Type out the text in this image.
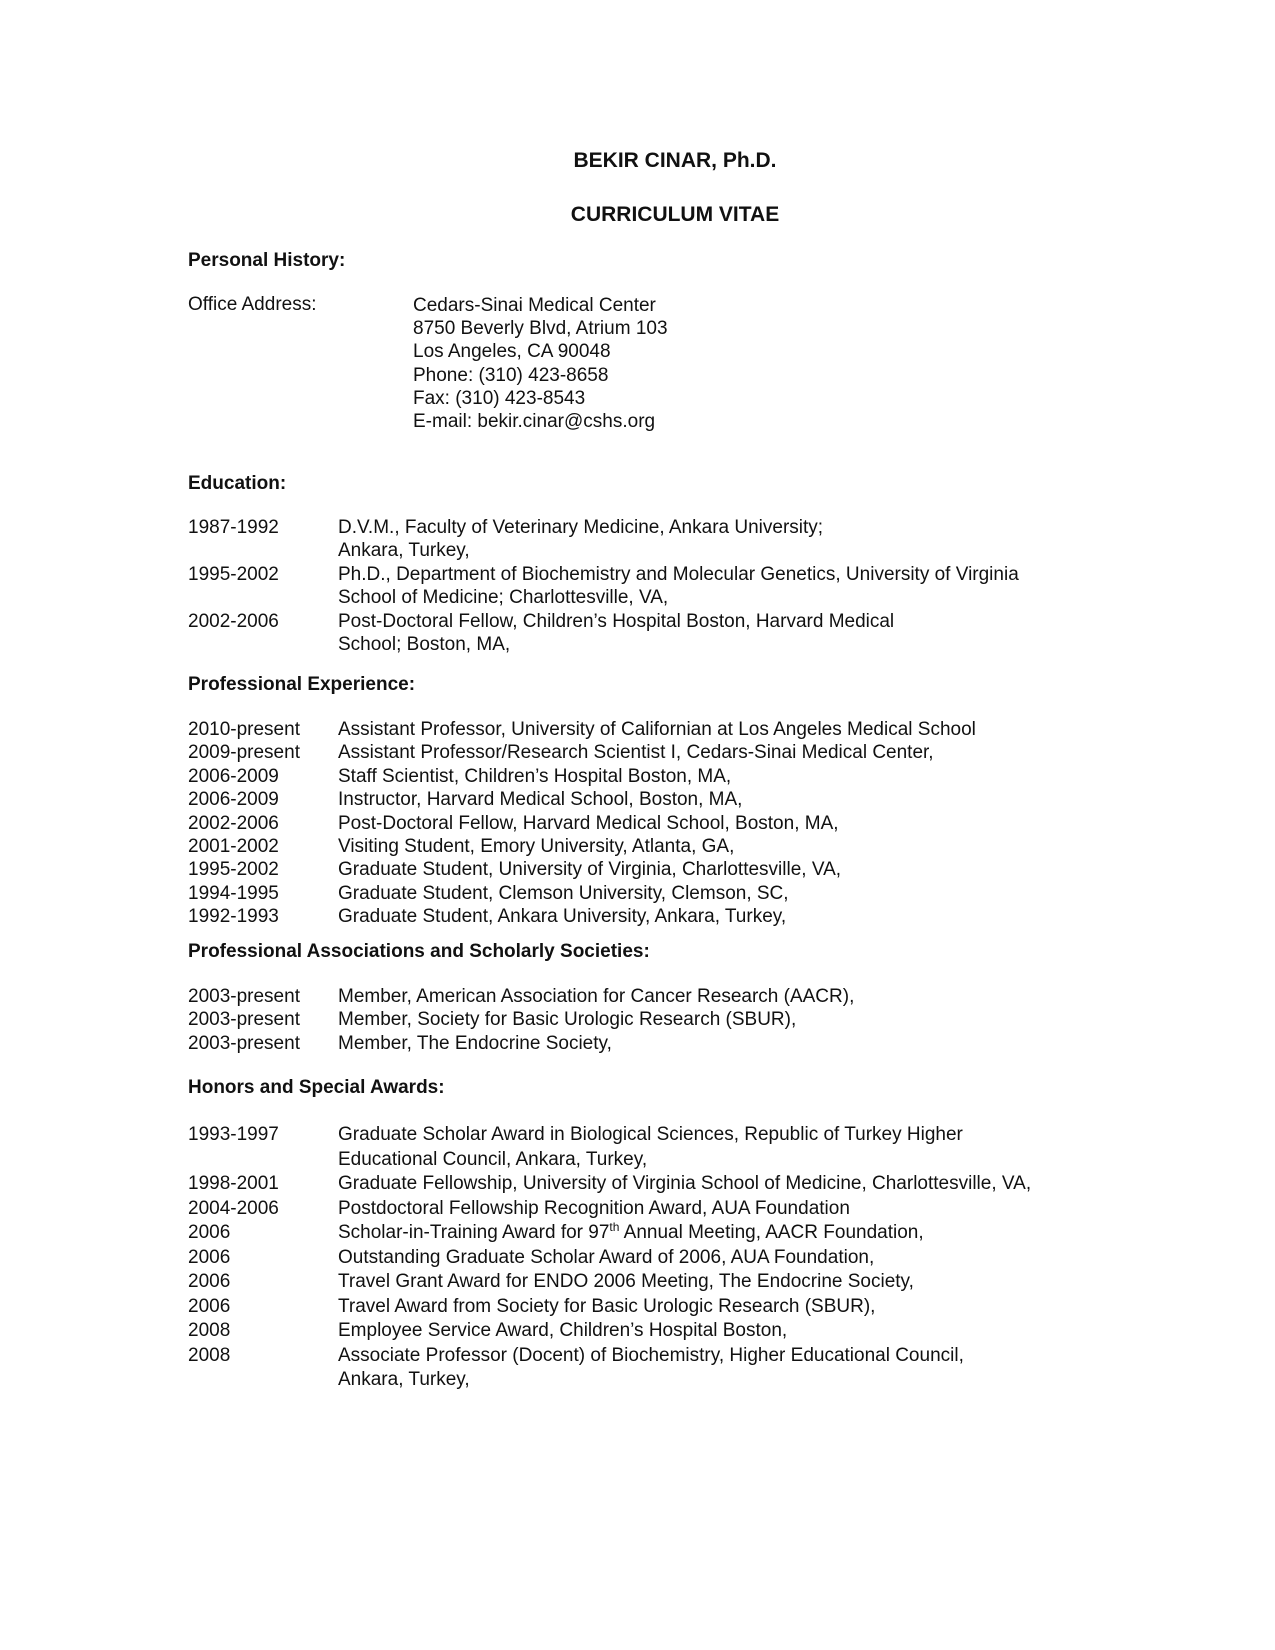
BEKIR CINAR, Ph.D.
CURRICULUM VITAE
Personal History:
Office Address:	Cedars-Sinai Medical Center
8750 Beverly Blvd, Atrium 103
Los Angeles, CA 90048
Phone: (310) 423-8658
Fax: (310) 423-8543
E-mail: bekir.cinar@cshs.org
Education:
1987-1992	D.V.M., Faculty of Veterinary Medicine, Ankara University; Ankara, Turkey,
1995-2002	Ph.D., Department of Biochemistry and Molecular Genetics, University of Virginia School of Medicine; Charlottesville, VA,
2002-2006	Post-Doctoral Fellow, Children’s Hospital Boston, Harvard Medical School; Boston, MA,
Professional Experience:
2010-present	Assistant Professor, University of Californian at Los Angeles Medical School
2009-present	Assistant Professor/Research Scientist I, Cedars-Sinai Medical Center,
2006-2009	Staff Scientist, Children’s Hospital Boston, MA,
2006-2009	Instructor, Harvard Medical School, Boston, MA,
2002-2006	Post-Doctoral Fellow, Harvard Medical School, Boston, MA,
2001-2002	Visiting Student, Emory University, Atlanta, GA,
1995-2002	Graduate Student, University of Virginia, Charlottesville, VA,
1994-1995	Graduate Student, Clemson University, Clemson, SC,
1992-1993	Graduate Student, Ankara University, Ankara, Turkey,
Professional Associations and Scholarly Societies:
2003-present	Member, American Association for Cancer Research (AACR),
2003-present	Member, Society for Basic Urologic Research (SBUR),
2003-present	Member, The Endocrine Society,
Honors and Special Awards:
1993-1997	Graduate Scholar Award in Biological Sciences, Republic of Turkey Higher Educational Council, Ankara, Turkey,
1998-2001	Graduate Fellowship, University of Virginia School of Medicine, Charlottesville, VA,
2004-2006	Postdoctoral Fellowship Recognition Award, AUA Foundation
2006	Scholar-in-Training Award for 97th Annual Meeting, AACR Foundation,
2006	Outstanding Graduate Scholar Award of 2006, AUA Foundation,
2006	Travel Grant Award for ENDO 2006 Meeting, The Endocrine Society,
2006	Travel Award from Society for Basic Urologic Research (SBUR),
2008	Employee Service Award, Children’s Hospital Boston,
2008	Associate Professor (Docent) of Biochemistry, Higher Educational Council, Ankara, Turkey,
